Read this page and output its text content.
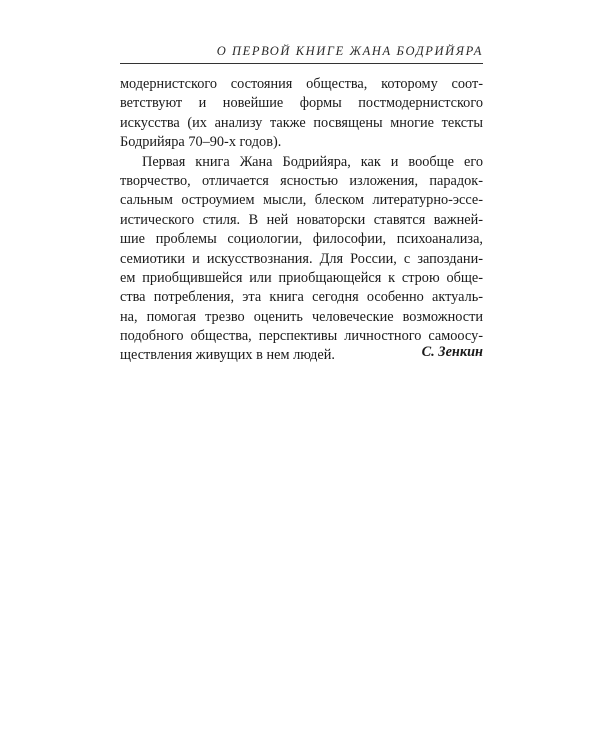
О ПЕРВОЙ КНИГЕ ЖАНА БОДРИЙЯРА
модернистского состояния общества, которому соот-
ветствуют и новейшие формы постмодернистского
искусства (их анализу также посвящены многие тексты
Бодрийяра 70–90-х годов).
Первая книга Жана Бодрийяра, как и вообще его
творчество, отличается ясностью изложения, парадок-
сальным остроумием мысли, блеском литературно-эссе-
истического стиля. В ней новаторски ставятся важней-
шие проблемы социологии, философии, психоанализа,
семиотики и искусствознания. Для России, с запоздани-
ем приобщившейся или приобщающейся к строю обще-
ства потребления, эта книга сегодня особенно актуаль-
на, помогая трезво оценить человеческие возможности
подобного общества, перспективы личностного самоосу-
ществления живущих в нем людей.	С. Зенкин
